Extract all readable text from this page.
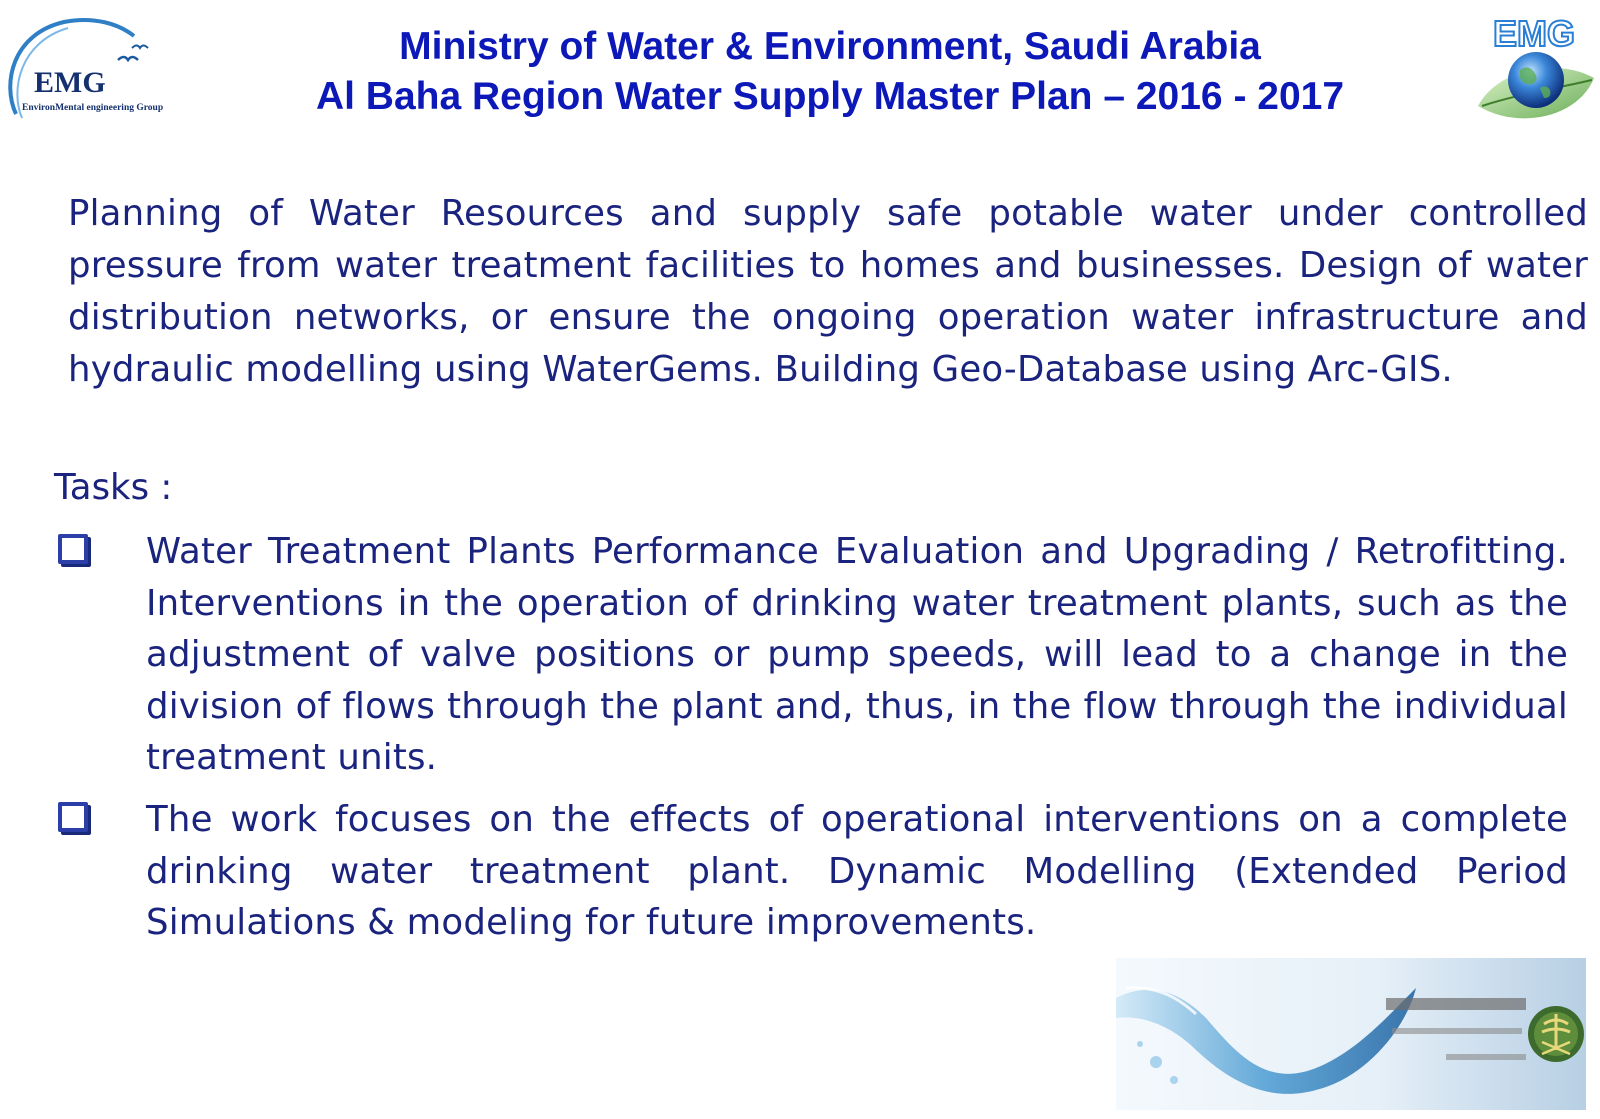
EMG
EnvironMental engineering Group
Ministry of Water & Environment, Saudi Arabia
Al Baha Region Water Supply Master Plan – 2016 - 2017
EMG

Planning of Water Resources and supply safe potable water under controlled pressure from water treatment facilities to homes and businesses. Design of water distribution networks, or ensure the ongoing operation water infrastructure and hydraulic modelling using WaterGems. Building Geo-Database using Arc-GIS.

Tasks :

Water Treatment Plants Performance Evaluation and Upgrading / Retrofitting. Interventions in the operation of drinking water treatment plants, such as the adjustment of valve positions or pump speeds, will lead to a change in the division of flows through the plant and, thus, in the flow through the individual treatment units.

The work focuses on the effects of operational interventions on a complete drinking water treatment plant. Dynamic Modelling (Extended Period Simulations & modeling for future improvements.
